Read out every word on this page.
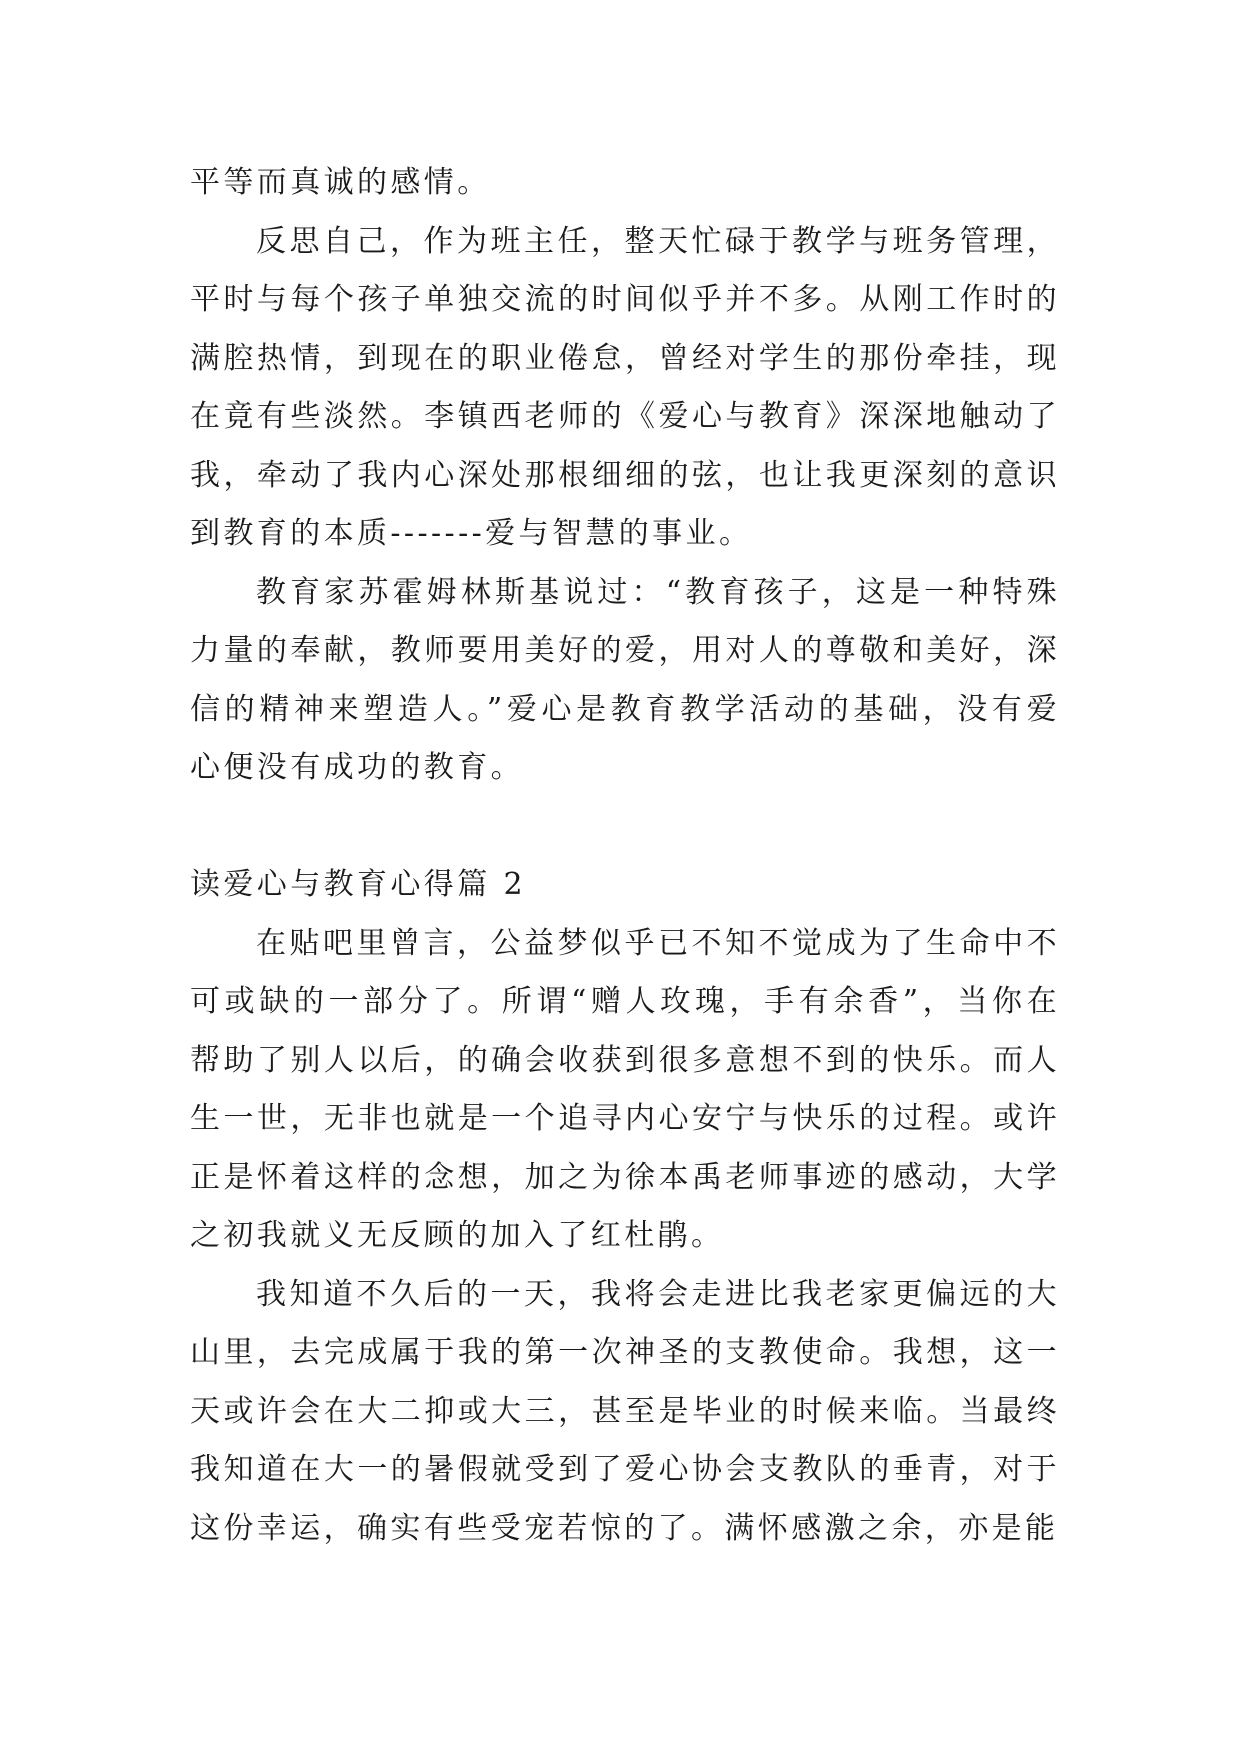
平等而真诚的感情。

反思自己，作为班主任，整天忙碌于教学与班务管理，平时与每个孩子单独交流的时间似乎并不多。从刚工作时的满腔热情，到现在的职业倦怠，曾经对学生的那份牵挂，现在竟有些淡然。李镇西老师的《爱心与教育》深深地触动了我，牵动了我内心深处那根细细的弦，也让我更深刻的意识到教育的本质-------爱与智慧的事业。

教育家苏霍姆林斯基说过：“教育孩子，这是一种特殊力量的奉献，教师要用美好的爱，用对人的尊敬和美好，深信的精神来塑造人。”爱心是教育教学活动的基础，没有爱心便没有成功的教育。

读爱心与教育心得篇 2

在贴吧里曾言，公益梦似乎已不知不觉成为了生命中不可或缺的一部分了。所谓“赠人玫瑰，手有余香”，当你在帮助了别人以后，的确会收获到很多意想不到的快乐。而人生一世，无非也就是一个追寻内心安宁与快乐的过程。或许正是怀着这样的念想，加之为徐本禹老师事迹的感动，大学之初我就义无反顾的加入了红杜鹃。

我知道不久后的一天，我将会走进比我老家更偏远的大山里，去完成属于我的第一次神圣的支教使命。我想，这一天或许会在大二抑或大三，甚至是毕业的时候来临。当最终我知道在大一的暑假就受到了爱心协会支教队的垂青，对于这份幸运，确实有些受宠若惊的了。满怀感激之余，亦是能
